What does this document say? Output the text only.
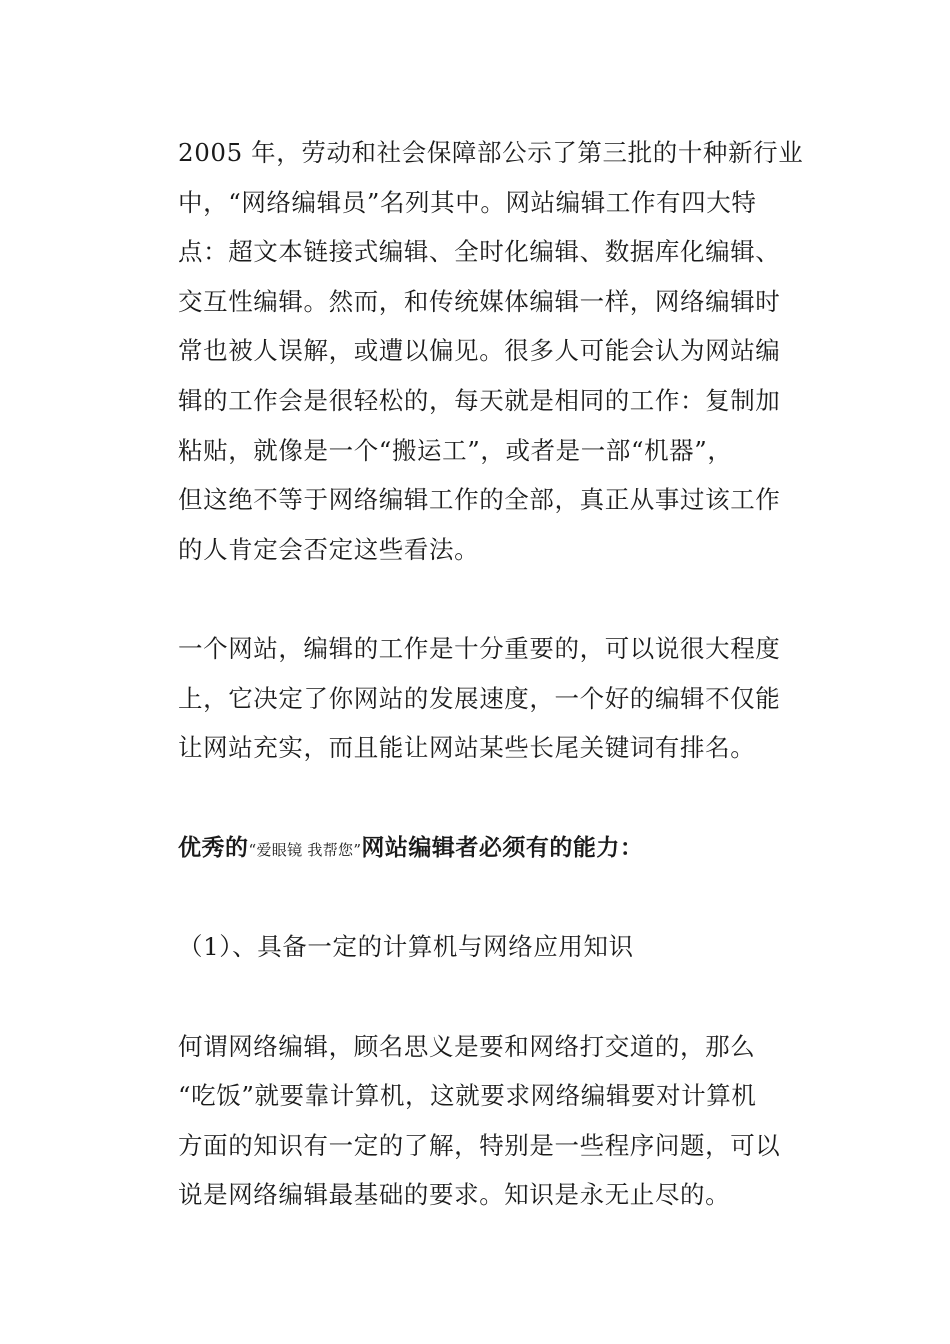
2005 年，劳动和社会保障部公示了第三批的十种新行业
中，“网络编辑员”名列其中。网站编辑工作有四大特
点：超文本链接式编辑、全时化编辑、数据库化编辑、
交互性编辑。然而，和传统媒体编辑一样，网络编辑时
常也被人误解，或遭以偏见。很多人可能会认为网站编
辑的工作会是很轻松的，每天就是相同的工作：复制加
粘贴，就像是一个“搬运工”，或者是一部“机器”，
但这绝不等于网络编辑工作的全部，真正从事过该工作
的人肯定会否定这些看法。
一个网站，编辑的工作是十分重要的，可以说很大程度
上，它决定了你网站的发展速度，一个好的编辑不仅能
让网站充实，而且能让网站某些长尾关键词有排名。
优秀的“爱眼镜 我帮您”网站编辑者必须有的能力：
（1）、具备一定的计算机与网络应用知识
何谓网络编辑，顾名思义是要和网络打交道的，那么
“吃饭”就要靠计算机，这就要求网络编辑要对计算机
方面的知识有一定的了解，特别是一些程序问题，可以
说是网络编辑最基础的要求。知识是永无止尽的。
